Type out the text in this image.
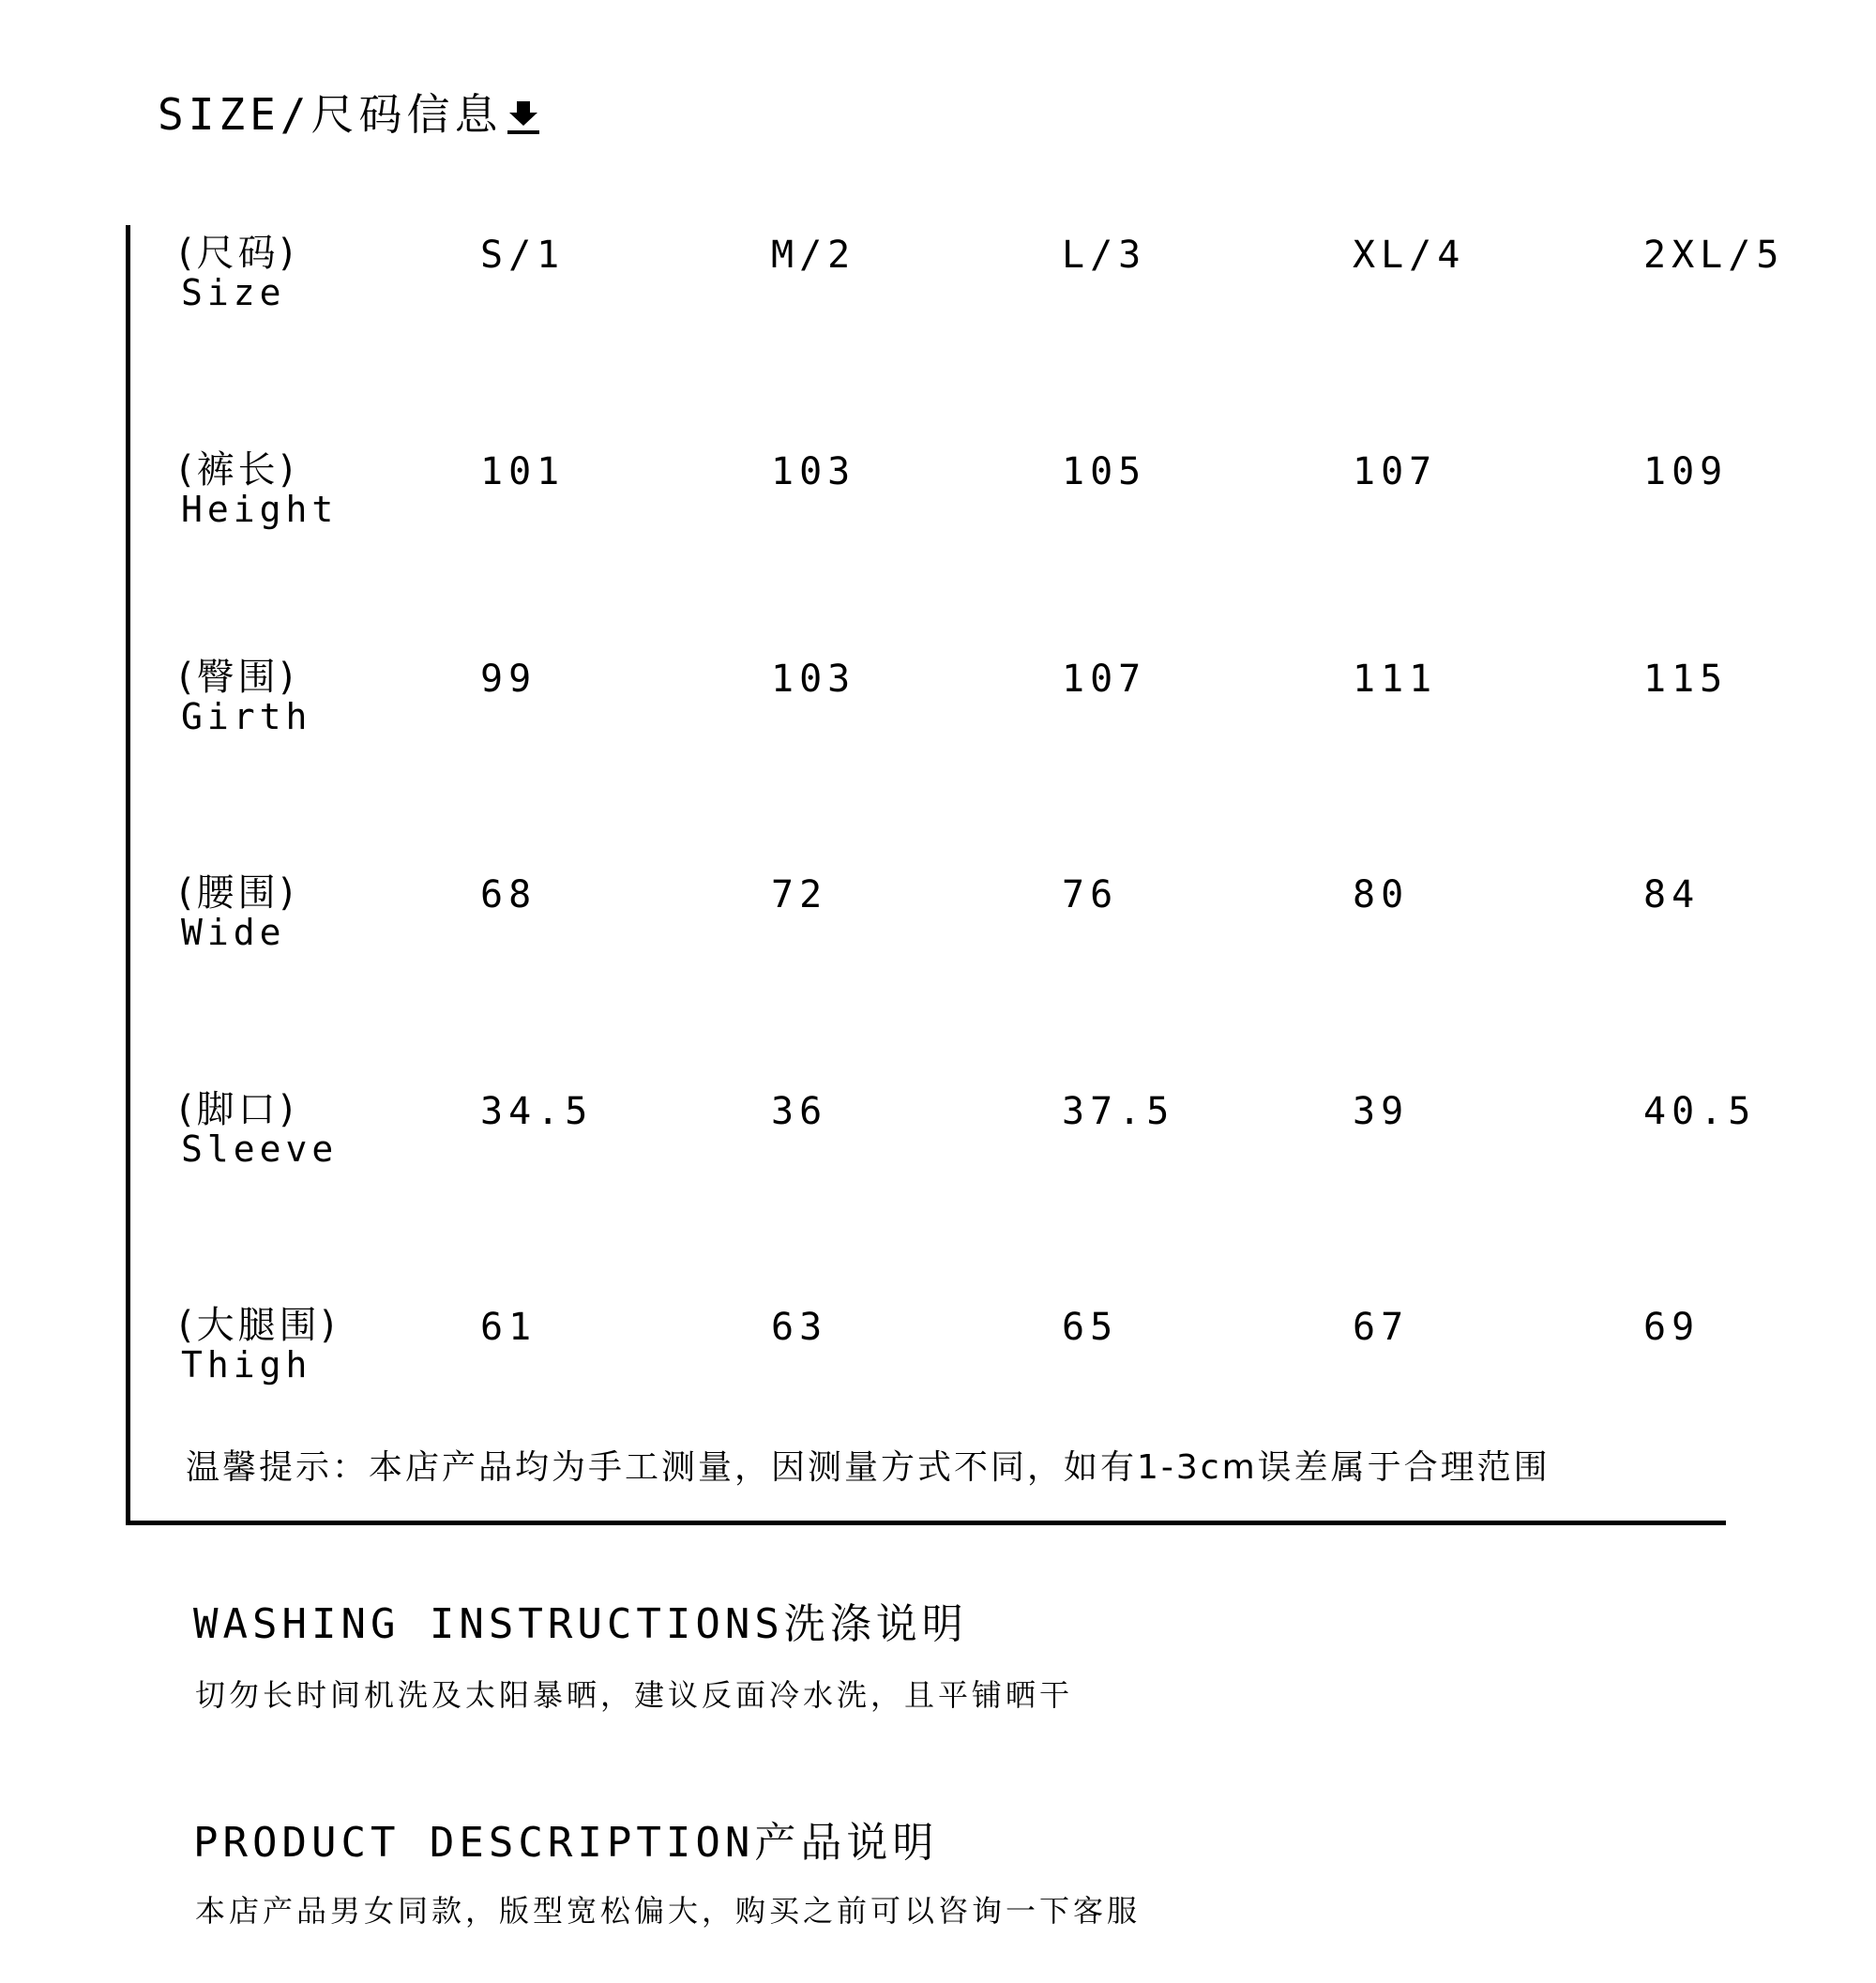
SIZE/尺码信息
(尺码)
Size
S/1	M/2	L/3	XL/4	2XL/5
(裤长)
Height
101	103	105	107	109
(臀围)
Girth
99	103	107	111	115
(腰围)
Wide
68	72	76	80	84
(脚口)
Sleeve
34.5	36	37.5	39	40.5
(大腿围)
Thigh
61	63	65	67	69
温馨提示：本店产品均为手工测量，因测量方式不同，如有1-3cm误差属于合理范围
WASHING INSTRUCTIONS洗涤说明
切勿长时间机洗及太阳暴晒，建议反面冷水洗，且平铺晒干
PRODUCT DESCRIPTION产品说明
本店产品男女同款，版型宽松偏大，购买之前可以咨询一下客服
